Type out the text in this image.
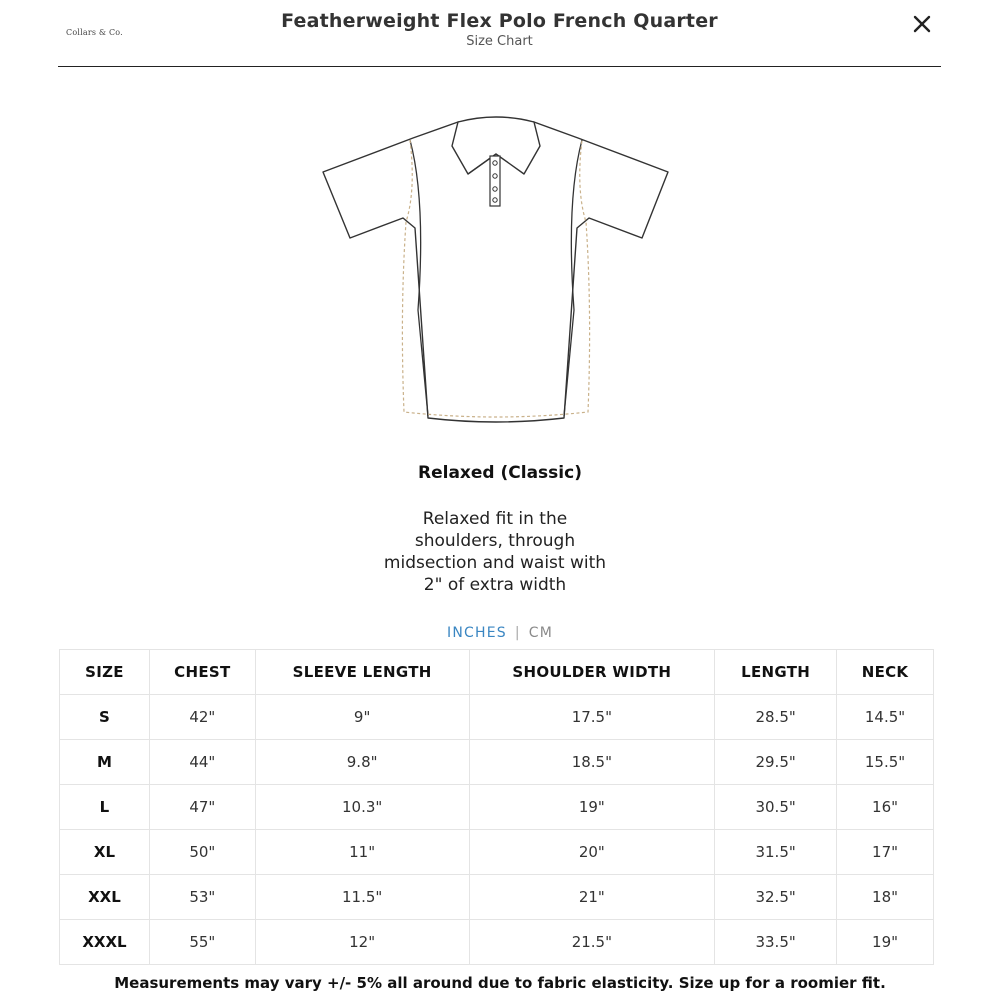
Collars & Co.
Featherweight Flex Polo French Quarter
Size Chart
Relaxed (Classic)
Relaxed fit in the shoulders, through midsection and waist with 2" of extra width
INCHES | CM
SIZE	CHEST	SLEEVE LENGTH	SHOULDER WIDTH	LENGTH	NECK
S	42"	9"	17.5"	28.5"	14.5"
M	44"	9.8"	18.5"	29.5"	15.5"
L	47"	10.3"	19"	30.5"	16"
XL	50"	11"	20"	31.5"	17"
XXL	53"	11.5"	21"	32.5"	18"
XXXL	55"	12"	21.5"	33.5"	19"
Measurements may vary +/- 5% all around due to fabric elasticity. Size up for a roomier fit.
